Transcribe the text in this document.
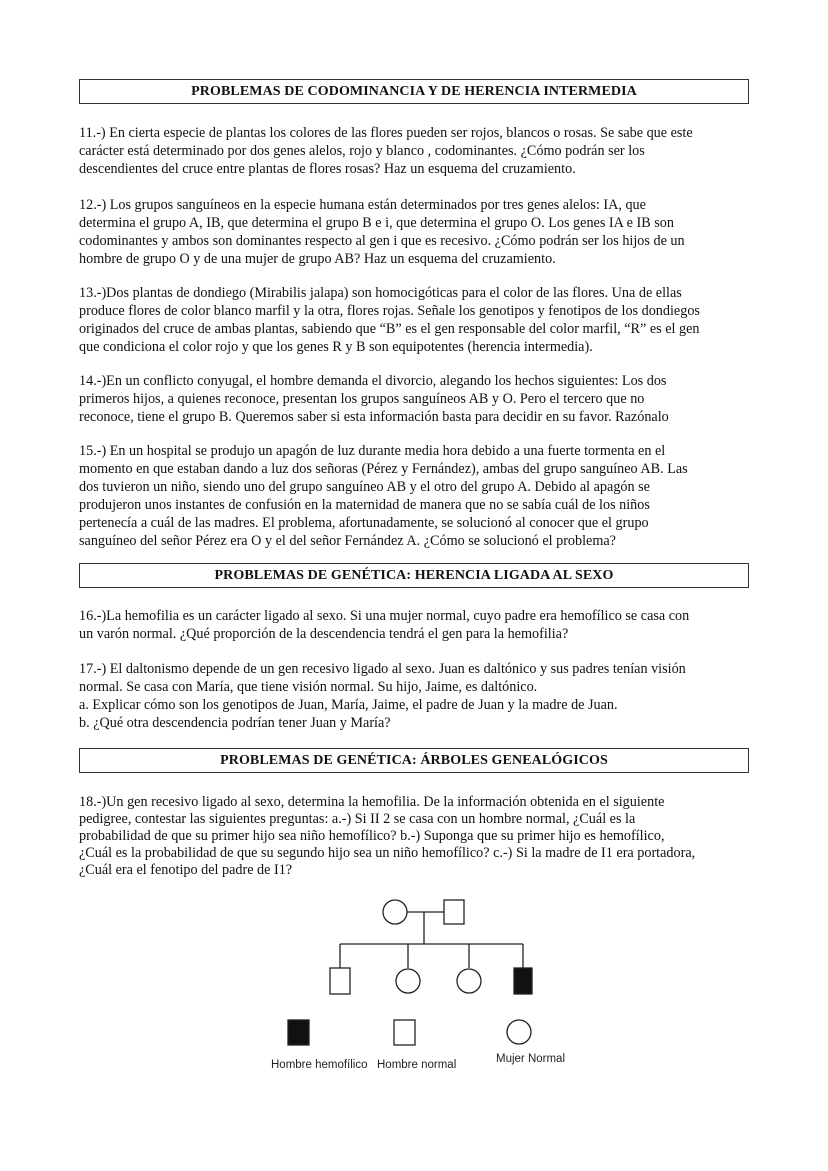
PROBLEMAS DE CODOMINANCIA Y DE HERENCIA INTERMEDIA

11.-) En cierta especie de plantas los colores de las flores pueden ser rojos, blancos o rosas. Se sabe que este
carácter está determinado por dos genes alelos, rojo y blanco , codominantes. ¿Cómo podrán ser los
descendientes del cruce entre plantas de flores rosas? Haz un esquema del cruzamiento.

12.-) Los grupos sanguíneos en la especie humana están determinados por tres genes alelos: IA, que
determina el grupo A, IB, que determina el grupo B e i, que determina el grupo O. Los genes IA e IB son
codominantes y ambos son dominantes respecto al gen i que es recesivo. ¿Cómo podrán ser los hijos de un
hombre de grupo O y de una mujer de grupo AB? Haz un esquema del cruzamiento.

13.-)Dos plantas de dondiego (Mirabilis jalapa) son homocigóticas para el color de las flores. Una de ellas
produce flores de color blanco marfil y la otra, flores rojas. Señale los genotipos y fenotipos de los dondiegos
originados del cruce de ambas plantas, sabiendo que “B” es el gen responsable del color marfil, “R” es el gen
que condiciona el color rojo y que los genes R y B son equipotentes (herencia intermedia).

14.-)En un conflicto conyugal, el hombre demanda el divorcio, alegando los hechos siguientes: Los dos
primeros hijos, a quienes reconoce, presentan los grupos sanguíneos AB y O. Pero el tercero que no
reconoce, tiene el grupo B. Queremos saber si esta información basta para decidir en su favor. Razónalo

15.-) En un hospital se produjo un apagón de luz durante media hora debido a una fuerte tormenta en el
momento en que estaban dando a luz dos señoras (Pérez y Fernández), ambas del grupo sanguíneo AB. Las
dos tuvieron un niño, siendo uno del grupo sanguíneo AB y el otro del grupo A. Debido al apagón se
produjeron unos instantes de confusión en la maternidad de manera que no se sabía cuál de los niños
pertenecía a cuál de las madres. El problema, afortunadamente, se solucionó al conocer que el grupo
sanguíneo del señor Pérez era O y el del señor Fernández A. ¿Cómo se solucionó el problema?

PROBLEMAS DE GENÉTICA: HERENCIA LIGADA AL SEXO

16.-)La hemofilia es un carácter ligado al sexo. Si una mujer normal, cuyo padre era hemofílico se casa con
un varón normal. ¿Qué proporción de la descendencia tendrá el gen para la hemofilia?

17.-) El daltonismo depende de un gen recesivo ligado al sexo. Juan es daltónico y sus padres tenían visión
normal. Se casa con María, que tiene visión normal. Su hijo, Jaime, es daltónico.
a. Explicar cómo son los genotipos de Juan, María, Jaime, el padre de Juan y la madre de Juan.
b. ¿Qué otra descendencia podrían tener Juan y María?

PROBLEMAS DE GENÉTICA: ÁRBOLES GENEALÓGICOS

18.-)Un gen recesivo ligado al sexo, determina la hemofilia. De la información obtenida en el siguiente
pedigree, contestar las siguientes preguntas: a.-) Si II 2 se casa con un hombre normal, ¿Cuál es la
probabilidad de que su primer hijo sea niño hemofílico? b.-) Suponga que su primer hijo es hemofílico,
¿Cuál es la probabilidad de que su segundo hijo sea un niño hemofílico? c.-) Si la madre de I1 era portadora,
¿Cuál era el fenotipo del padre de I1?

Hombre hemofílico Hombre normal	Mujer Normal
